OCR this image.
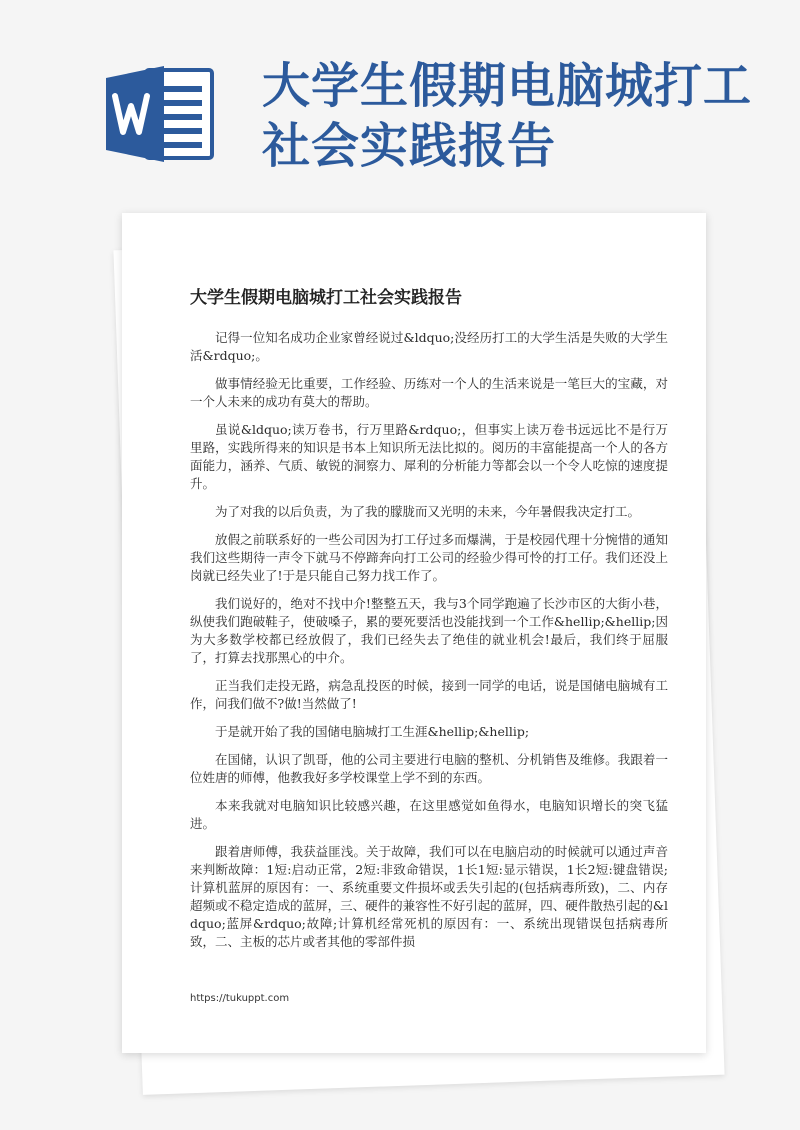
大学生假期电脑城打工社会实践报告
大学生假期电脑城打工社会实践报告

记得一位知名成功企业家曾经说过&ldquo;没经历打工的大学生活是失败的大学生活&rdquo;。

做事情经验无比重要，工作经验、历练对一个人的生活来说是一笔巨大的宝藏，对一个人未来的成功有莫大的帮助。

虽说&ldquo;读万卷书，行万里路&rdquo;，但事实上读万卷书远远比不是行万里路，实践所得来的知识是书本上知识所无法比拟的。阅历的丰富能提高一个人的各方面能力，涵养、气质、敏锐的洞察力、犀利的分析能力等都会以一个令人吃惊的速度提升。

为了对我的以后负责，为了我的朦胧而又光明的未来，今年暑假我决定打工。

放假之前联系好的一些公司因为打工仔过多而爆满，于是校园代理十分惋惜的通知我们这些期待一声令下就马不停蹄奔向打工公司的经验少得可怜的打工仔。我们还没上岗就已经失业了!于是只能自己努力找工作了。

我们说好的，绝对不找中介!整整五天，我与3个同学跑遍了长沙市区的大街小巷，纵使我们跑破鞋子，使破嗓子，累的要死要活也没能找到一个工作&hellip;&hellip;因为大多数学校都已经放假了，我们已经失去了绝佳的就业机会!最后，我们终于屈服了，打算去找那黑心的中介。

正当我们走投无路，病急乱投医的时候，接到一同学的电话，说是国储电脑城有工作，问我们做不?做!当然做了!

于是就开始了我的国储电脑城打工生涯&hellip;&hellip;

在国储，认识了凯哥，他的公司主要进行电脑的整机、分机销售及维修。我跟着一位姓唐的师傅，他教我好多学校课堂上学不到的东西。

本来我就对电脑知识比较感兴趣，在这里感觉如鱼得水，电脑知识增长的突飞猛进。

跟着唐师傅，我获益匪浅。关于故障，我们可以在电脑启动的时候就可以通过声音来判断故障：1短:启动正常，2短:非致命错误，1长1短:显示错误，1长2短:键盘错误;计算机蓝屏的原因有：一、系统重要文件损坏或丢失引起的(包括病毒所致)，二、内存超频或不稳定造成的蓝屏，三、硬件的兼容性不好引起的蓝屏，四、硬件散热引起的&ldquo;蓝屏&rdquo;故障;计算机经常死机的原因有：一、系统出现错误包括病毒所致，二、主板的芯片或者其他的零部件损

https://tukuppt.com
